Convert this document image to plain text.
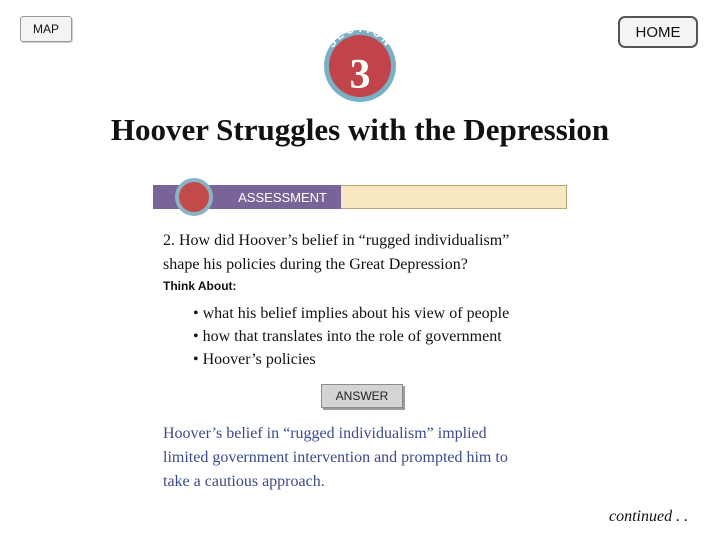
MAP	HOME
SECTION
3
Hoover Struggles with the Depression
ASSESSMENT
2. How did Hoover’s belief in “rugged individualism”
shape his policies during the Great Depression?
Think About:
• what his belief implies about his view of people
• how that translates into the role of government
• Hoover’s policies
ANSWER
Hoover’s belief in “rugged individualism” implied
limited government intervention and prompted him to
take a cautious approach.
continued . .
